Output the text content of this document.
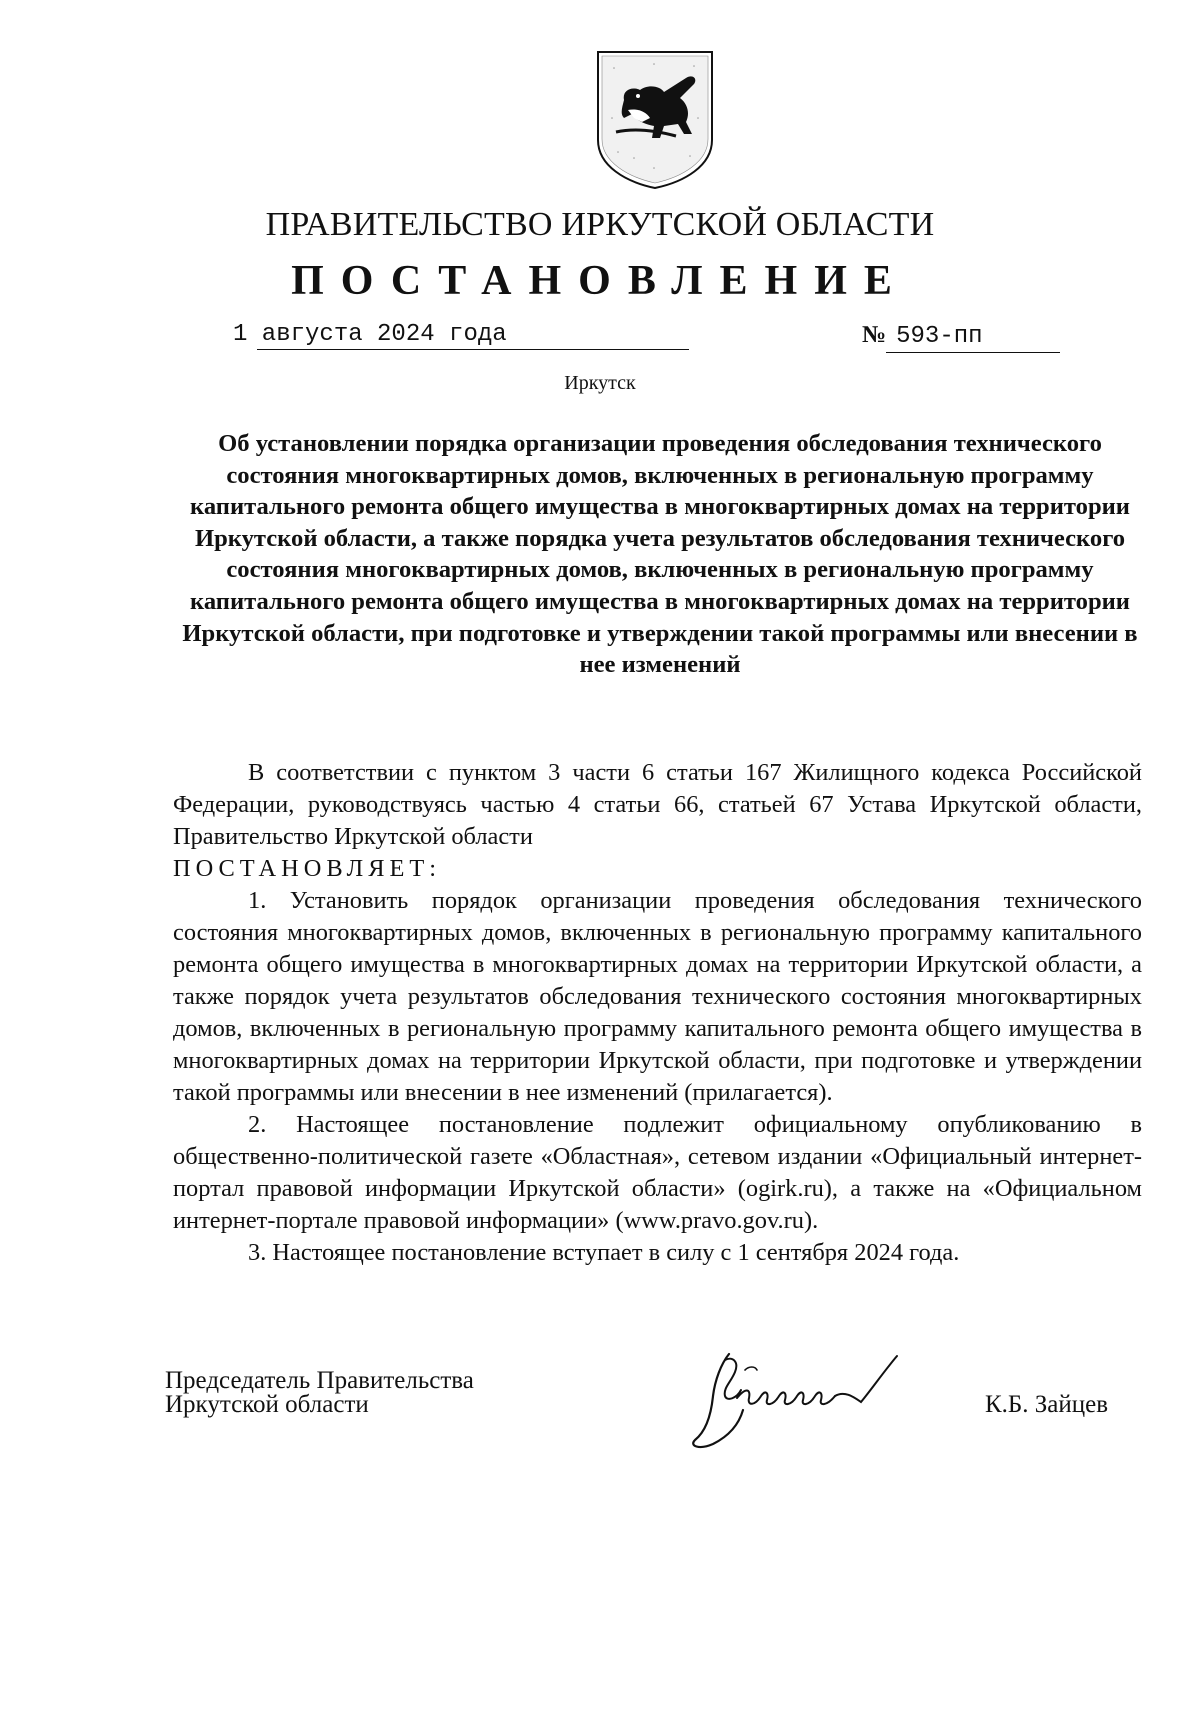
ПРАВИТЕЛЬСТВО ИРКУТСКОЙ ОБЛАСТИ
ПОСТАНОВЛЕНИЕ
1 августа 2024 года	№ 593-пп
Иркутск
Об установлении порядка организации проведения обследования технического состояния многоквартирных домов, включенных в региональную программу капитального ремонта общего имущества в многоквартирных домах на территории Иркутской области, а также порядка учета результатов обследования технического состояния многоквартирных домов, включенных в региональную программу капитального ремонта общего имущества в многоквартирных домах на территории Иркутской области, при подготовке и утверждении такой программы или внесении в нее изменений

В соответствии с пунктом 3 части 6 статьи 167 Жилищного кодекса Российской Федерации, руководствуясь частью 4 статьи 66, статьей 67 Устава Иркутской области, Правительство Иркутской области

ПОСТАНОВЛЯЕТ:

1. Установить порядок организации проведения обследования технического состояния многоквартирных домов, включенных в региональную программу капитального ремонта общего имущества в многоквартирных домах на территории Иркутской области, а также порядок учета результатов обследования технического состояния многоквартирных домов, включенных в региональную программу капитального ремонта общего имущества в многоквартирных домах на территории Иркутской области, при подготовке и утверждении такой программы или внесении в нее изменений (прилагается).

2. Настоящее постановление подлежит официальному опубликованию в общественно-политической газете «Областная», сетевом издании «Официальный интернет-портал правовой информации Иркутской области» (ogirk.ru), а также на «Официальном интернет-портале правовой информации» (www.pravo.gov.ru).

3. Настоящее постановление вступает в силу с 1 сентября 2024 года.

Председатель Правительства
Иркутской области	К.Б. Зайцев
